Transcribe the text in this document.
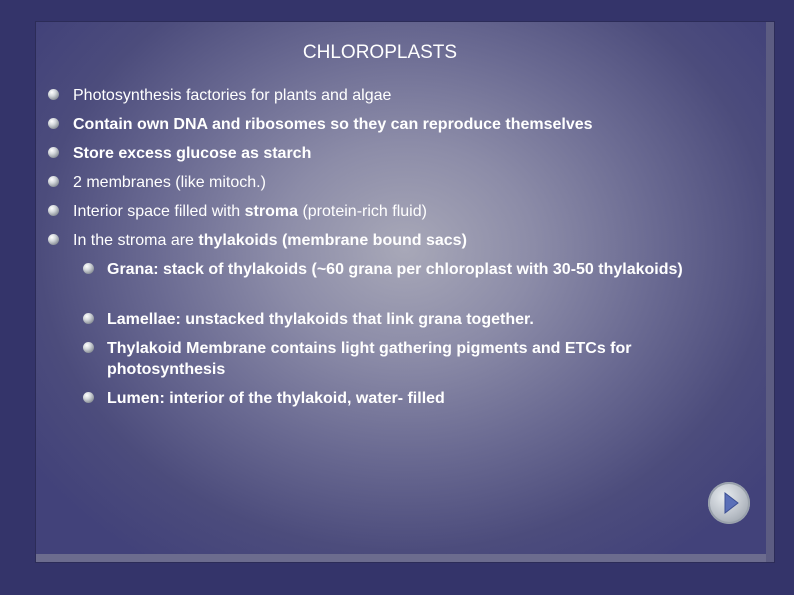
CHLOROPLASTS
Photosynthesis factories for plants and algae
Contain own DNA and ribosomes so they can reproduce themselves
Store excess glucose as starch
2 membranes (like mitoch.)
Interior space filled with stroma (protein-rich fluid)
In the stroma are thylakoids (membrane bound sacs)
Grana: stack of thylakoids (~60 grana per chloroplast with 30-50 thylakoids)
Lamellae: unstacked thylakoids that link grana together.
Thylakoid Membrane contains light gathering pigments and ETCs for photosynthesis
Lumen: interior of the thylakoid, water- filled
